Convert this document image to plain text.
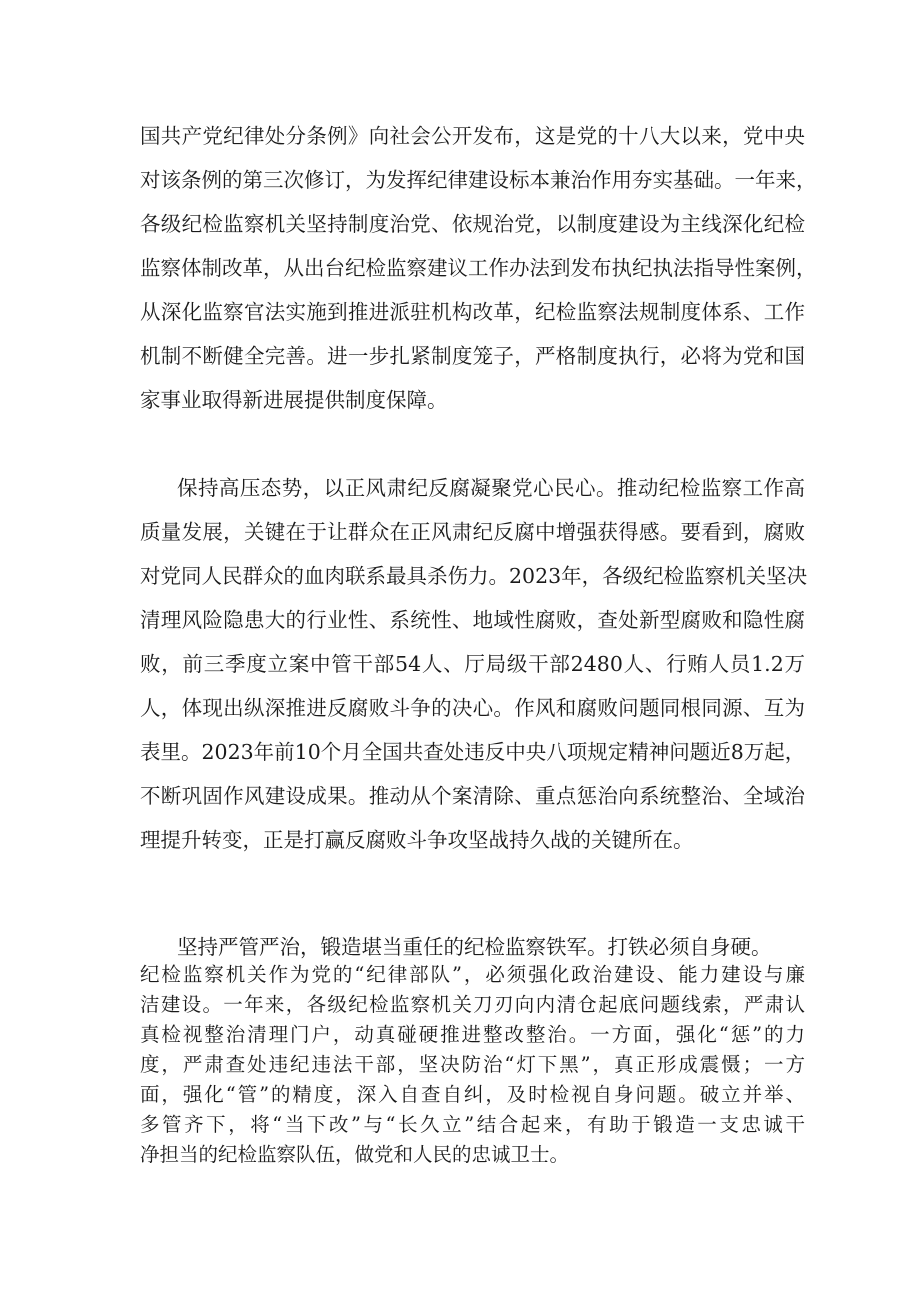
国共产党纪律处分条例》向社会公开发布，这是党的十八大以来，党中央
对该条例的第三次修订，为发挥纪律建设标本兼治作用夯实基础。一年来，
各级纪检监察机关坚持制度治党、依规治党，以制度建设为主线深化纪检
监察体制改革，从出台纪检监察建议工作办法到发布执纪执法指导性案例，
从深化监察官法实施到推进派驻机构改革，纪检监察法规制度体系、工作
机制不断健全完善。进一步扎紧制度笼子，严格制度执行，必将为党和国
家事业取得新进展提供制度保障。
保持高压态势，以正风肃纪反腐凝聚党心民心。推动纪检监察工作高
质量发展，关键在于让群众在正风肃纪反腐中增强获得感。要看到，腐败
对党同人民群众的血肉联系最具杀伤力。2023年，各级纪检监察机关坚决
清理风险隐患大的行业性、系统性、地域性腐败，查处新型腐败和隐性腐
败，前三季度立案中管干部54人、厅局级干部2480人、行贿人员1.2万
人，体现出纵深推进反腐败斗争的决心。作风和腐败问题同根同源、互为
表里。2023年前10个月全国共查处违反中央八项规定精神问题近8万起，
不断巩固作风建设成果。推动从个案清除、重点惩治向系统整治、全域治
理提升转变，正是打赢反腐败斗争攻坚战持久战的关键所在。
坚持严管严治，锻造堪当重任的纪检监察铁军。打铁必须自身硬。
纪检监察机关作为党的“纪律部队”，必须强化政治建设、能力建设与廉
洁建设。一年来，各级纪检监察机关刀刃向内清仓起底问题线索，严肃认
真检视整治清理门户，动真碰硬推进整改整治。一方面，强化“惩”的力
度，严肃查处违纪违法干部，坚决防治“灯下黑”，真正形成震慑；一方
面，强化“管”的精度，深入自查自纠，及时检视自身问题。破立并举、
多管齐下，将“当下改”与“长久立”结合起来，有助于锻造一支忠诚干
净担当的纪检监察队伍，做党和人民的忠诚卫士。
